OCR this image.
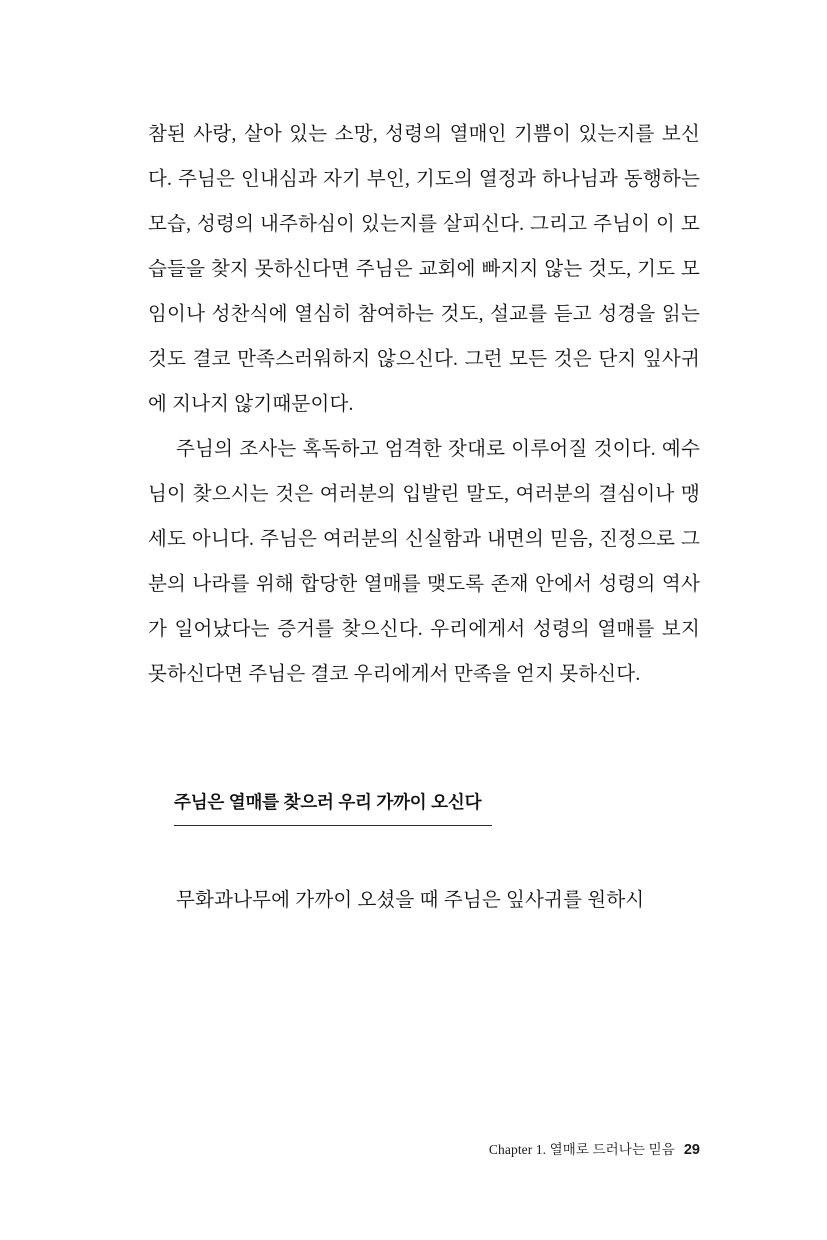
참된 사랑, 살아 있는 소망, 성령의 열매인 기쁨이 있는지를 보신다. 주님은 인내심과 자기 부인, 기도의 열정과 하나님과 동행하는 모습, 성령의 내주하심이 있는지를 살피신다. 그리고 주님이 이 모습들을 찾지 못하신다면 주님은 교회에 빠지지 않는 것도, 기도 모임이나 성찬식에 열심히 참여하는 것도, 설교를 듣고 성경을 읽는 것도 결코 만족스러워하지 않으신다. 그런 모든 것은 단지 잎사귀에 지나지 않기때문이다.

주님의 조사는 혹독하고 엄격한 잣대로 이루어질 것이다. 예수님이 찾으시는 것은 여러분의 입발린 말도, 여러분의 결심이나 맹세도 아니다. 주님은 여러분의 신실함과 내면의 믿음, 진정으로 그분의 나라를 위해 합당한 열매를 맺도록 존재 안에서 성령의 역사가 일어났다는 증거를 찾으신다. 우리에게서 성령의 열매를 보지 못하신다면 주님은 결코 우리에게서 만족을 얻지 못하신다.

주님은 열매를 찾으러 우리 가까이 오신다

무화과나무에 가까이 오셨을 때 주님은 잎사귀를 원하시

Chapter 1. 열매로 드러나는 믿음 29
